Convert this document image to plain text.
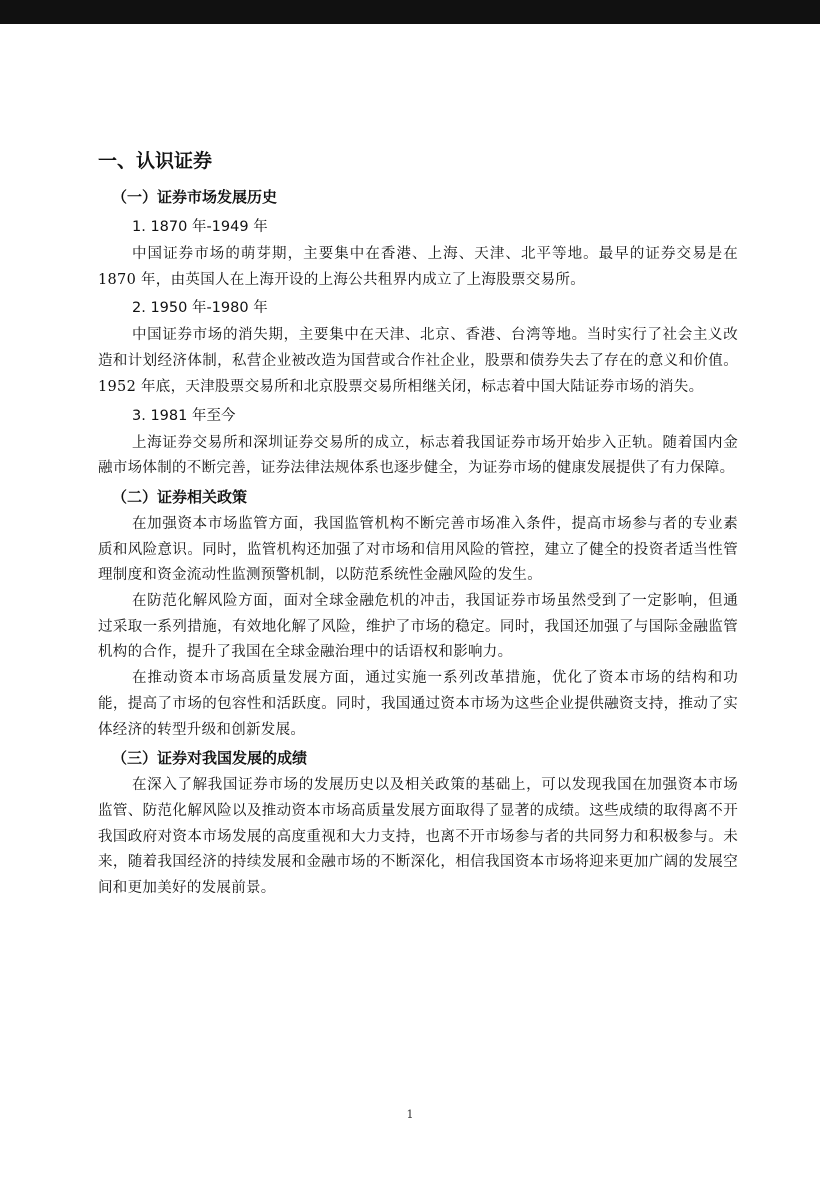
一、认识证券
（一）证券市场发展历史
1. 1870 年-1949 年

中国证券市场的萌芽期，主要集中在香港、上海、天津、北平等地。最早的证券交易是在 1870 年，由英国人在上海开设的上海公共租界内成立了上海股票交易所。

2. 1950 年-1980 年

中国证券市场的消失期，主要集中在天津、北京、香港、台湾等地。当时实行了社会主义改造和计划经济体制，私营企业被改造为国营或合作社企业，股票和债券失去了存在的意义和价值。1952 年底，天津股票交易所和北京股票交易所相继关闭，标志着中国大陆证券市场的消失。

3. 1981 年至今

上海证券交易所和深圳证券交易所的成立，标志着我国证券市场开始步入正轨。随着国内金融市场体制的不断完善，证券法律法规体系也逐步健全，为证券市场的健康发展提供了有力保障。

（二）证券相关政策

在加强资本市场监管方面，我国监管机构不断完善市场准入条件，提高市场参与者的专业素质和风险意识。同时，监管机构还加强了对市场和信用风险的管控，建立了健全的投资者适当性管理制度和资金流动性监测预警机制，以防范系统性金融风险的发生。

在防范化解风险方面，面对全球金融危机的冲击，我国证券市场虽然受到了一定影响，但通过采取一系列措施，有效地化解了风险，维护了市场的稳定。同时，我国还加强了与国际金融监管机构的合作，提升了我国在全球金融治理中的话语权和影响力。

在推动资本市场高质量发展方面，通过实施一系列改革措施，优化了资本市场的结构和功能，提高了市场的包容性和活跃度。同时，我国通过资本市场为这些企业提供融资支持，推动了实体经济的转型升级和创新发展。

（三）证券对我国发展的成绩

在深入了解我国证券市场的发展历史以及相关政策的基础上，可以发现我国在加强资本市场监管、防范化解风险以及推动资本市场高质量发展方面取得了显著的成绩。这些成绩的取得离不开我国政府对资本市场发展的高度重视和大力支持，也离不开市场参与者的共同努力和积极参与。未来，随着我国经济的持续发展和金融市场的不断深化，相信我国资本市场将迎来更加广阔的发展空间和更加美好的发展前景。

1
